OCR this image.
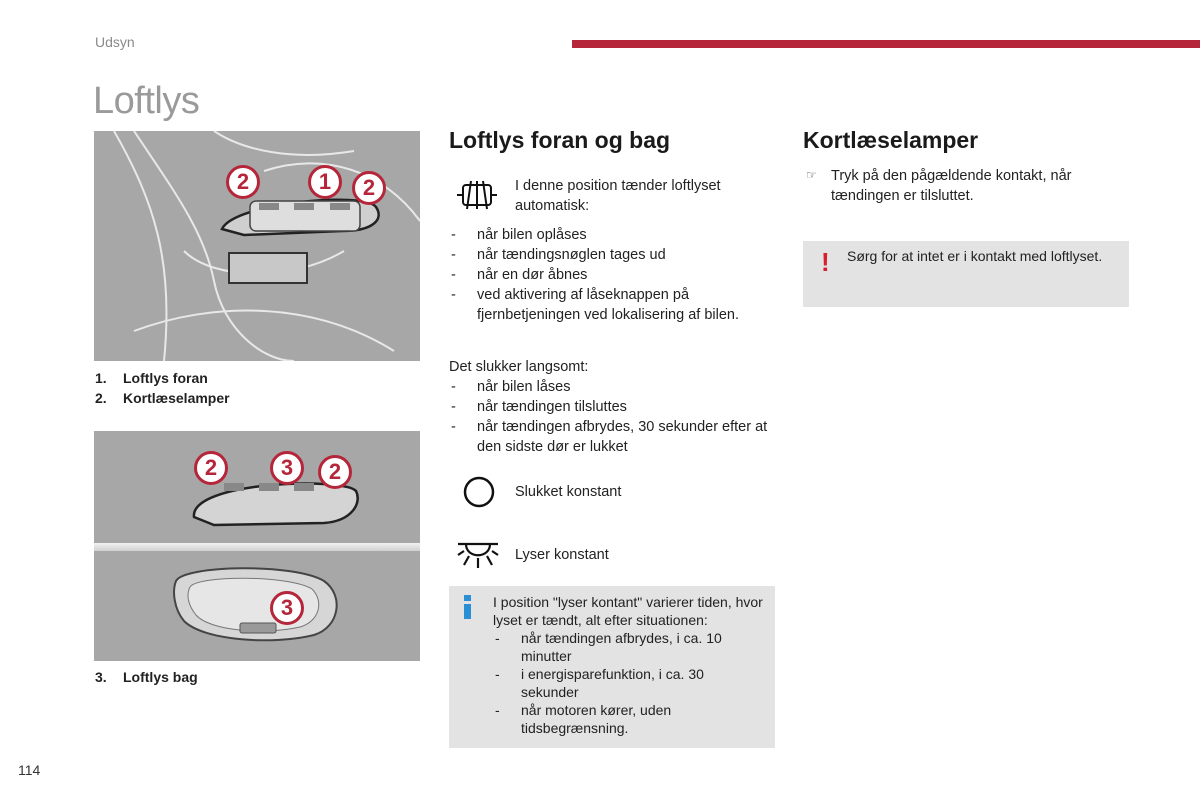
Udsyn
Loftlys
2	1	2
1. Loftlys foran
2. Kortlæselamper
2	3	2
3
3. Loftlys bag
Loftlys foran og bag
I denne position tænder loftlyset automatisk:
- når bilen oplåses
- når tændingsnøglen tages ud
- når en dør åbnes
- ved aktivering af låseknappen på fjernbetjeningen ved lokalisering af bilen.
Det slukker langsomt:
- når bilen låses
- når tændingen tilsluttes
- når tændingen afbrydes, 30 sekunder efter at den sidste dør er lukket
Slukket konstant
Lyser konstant
I position "lyser kontant" varierer tiden, hvor lyset er tændt, alt efter situationen:
- når tændingen afbrydes, i ca. 10 minutter
- i energisparefunktion, i ca. 30 sekunder
- når motoren kører, uden tidsbegrænsning.
Kortlæselamper
☞ Tryk på den pågældende kontakt, når tændingen er tilsluttet.
! Sørg for at intet er i kontakt med loftlyset.
114
